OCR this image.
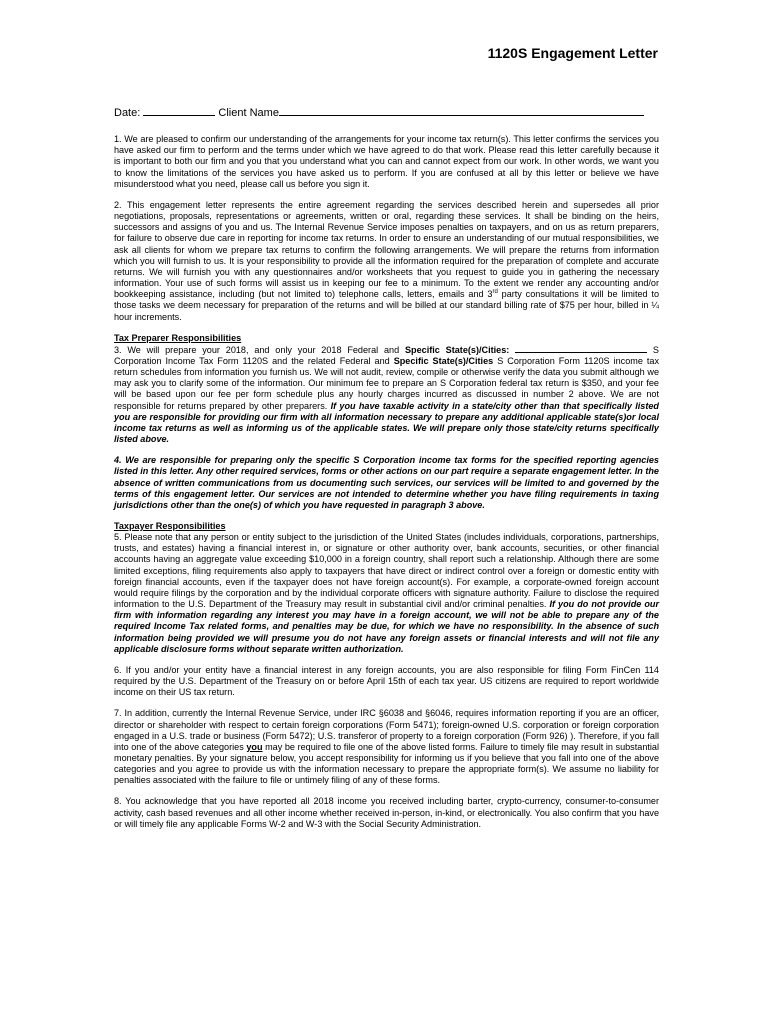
1120S Engagement Letter
Date:	Client Name

1. We are pleased to confirm our understanding of the arrangements for your income tax return(s). This letter confirms the services you have asked our firm to perform and the terms under which we have agreed to do that work. Please read this letter carefully because it is important to both our firm and you that you understand what you can and cannot expect from our work. In other words, we want you to know the limitations of the services you have asked us to perform. If you are confused at all by this letter or believe we have misunderstood what you need, please call us before you sign it.

2. This engagement letter represents the entire agreement regarding the services described herein and supersedes all prior negotiations, proposals, representations or agreements, written or oral, regarding these services. It shall be binding on the heirs, successors and assigns of you and us. The Internal Revenue Service imposes penalties on taxpayers, and on us as return preparers, for failure to observe due care in reporting for income tax returns. In order to ensure an understanding of our mutual responsibilities, we ask all clients for whom we prepare tax returns to confirm the following arrangements. We will prepare the returns from information which you will furnish to us. It is your responsibility to provide all the information required for the preparation of complete and accurate returns. We will furnish you with any questionnaires and/or worksheets that you request to guide you in gathering the necessary information. Your use of such forms will assist us in keeping our fee to a minimum. To the extent we render any accounting and/or bookkeeping assistance, including (but not limited to) telephone calls, letters, emails and 3rd party consultations it will be limited to those tasks we deem necessary for preparation of the returns and will be billed at our standard billing rate of $75 per hour, billed in ¼ hour increments.

Tax Preparer Responsibilities

3. We will prepare your 2018, and only your 2018 Federal and Specific State(s)/Cities:	S Corporation Income Tax Form 1120S and the related Federal and Specific State(s)/Cities S Corporation Form 1120S income tax return schedules from information you furnish us. We will not audit, review, compile or otherwise verify the data you submit although we may ask you to clarify some of the information. Our minimum fee to prepare an S Corporation federal tax return is $350, and your fee will be based upon our fee per form schedule plus any hourly charges incurred as discussed in number 2 above. We are not responsible for returns prepared by other preparers. If you have taxable activity in a state/city other than that specifically listed you are responsible for providing our firm with all information necessary to prepare any additional applicable state(s)or local income tax returns as well as informing us of the applicable states. We will prepare only those state/city returns specifically listed above.

4. We are responsible for preparing only the specific S Corporation income tax forms for the specified reporting agencies listed in this letter. Any other required services, forms or other actions on our part require a separate engagement letter. In the absence of written communications from us documenting such services, our services will be limited to and governed by the terms of this engagement letter. Our services are not intended to determine whether you have filing requirements in taxing jurisdictions other than the one(s) of which you have requested in paragraph 3 above.

Taxpayer Responsibilities

5. Please note that any person or entity subject to the jurisdiction of the United States (includes individuals, corporations, partnerships, trusts, and estates) having a financial interest in, or signature or other authority over, bank accounts, securities, or other financial accounts having an aggregate value exceeding $10,000 in a foreign country, shall report such a relationship. Although there are some limited exceptions, filing requirements also apply to taxpayers that have direct or indirect control over a foreign or domestic entity with foreign financial accounts, even if the taxpayer does not have foreign account(s). For example, a corporate-owned foreign account would require filings by the corporation and by the individual corporate officers with signature authority. Failure to disclose the required information to the U.S. Department of the Treasury may result in substantial civil and/or criminal penalties. If you do not provide our firm with information regarding any interest you may have in a foreign account, we will not be able to prepare any of the required Income Tax related forms, and penalties may be due, for which we have no responsibility. In the absence of such information being provided we will presume you do not have any foreign assets or financial interests and will not file any applicable disclosure forms without separate written authorization.

6. If you and/or your entity have a financial interest in any foreign accounts, you are also responsible for filing Form FinCen 114 required by the U.S. Department of the Treasury on or before April 15th of each tax year. US citizens are required to report worldwide income on their US tax return.

7. In addition, currently the Internal Revenue Service, under IRC §6038 and §6046, requires information reporting if you are an officer, director or shareholder with respect to certain foreign corporations (Form 5471); foreign-owned U.S. corporation or foreign corporation engaged in a U.S. trade or business (Form 5472); U.S. transferor of property to a foreign corporation (Form 926) ). Therefore, if you fall into one of the above categories you may be required to file one of the above listed forms. Failure to timely file may result in substantial monetary penalties. By your signature below, you accept responsibility for informing us if you believe that you fall into one of the above categories and you agree to provide us with the information necessary to prepare the appropriate form(s). We assume no liability for penalties associated with the failure to file or untimely filing of any of these forms.

8. You acknowledge that you have reported all 2018 income you received including barter, crypto-currency, consumer-to-consumer activity, cash based revenues and all other income whether received in-person, in-kind, or electronically. You also confirm that you have or will timely file any applicable Forms W-2 and W-3 with the Social Security Administration.
